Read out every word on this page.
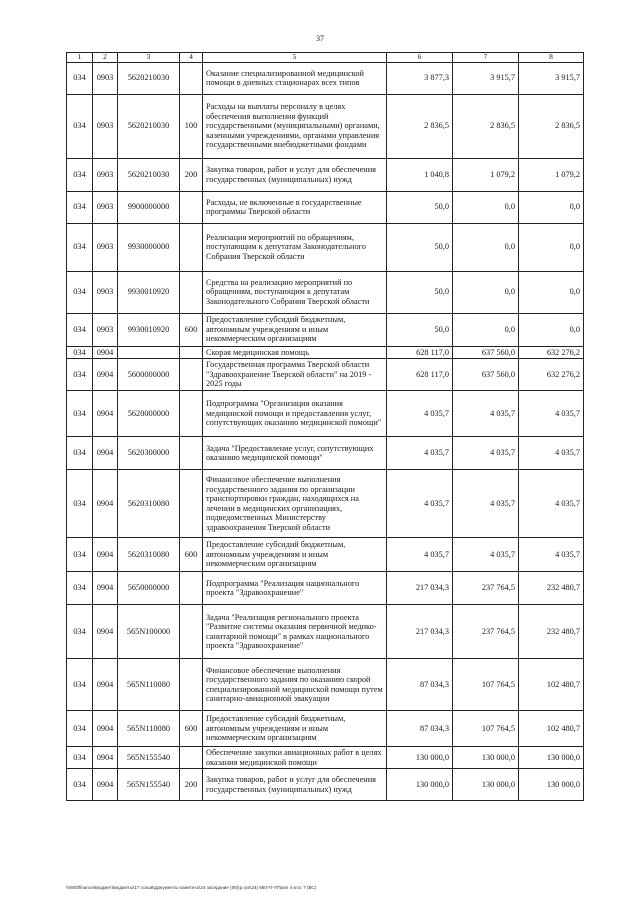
37
1	2	3	4	5	6	7	8
034	0903	5620210030		Оказание специализированной медицинской помощи в дневных стационарах всех типов	3 877,3	3 915,7	3 915,7
034	0903	5620210030	100	Расходы на выплаты персоналу в целях обеспечения выполнения функций государственными (муниципальными) органами, казенными учреждениями, органами управления государственными внебюджетными фондами	2 836,5	2 836,5	2 836,5
034	0903	5620210030	200	Закупка товаров, работ и услуг для обеспечения государственных (муниципальных) нужд	1 040,8	1 079,2	1 079,2
034	0903	9900000000		Расходы, не включенные в государственные программы Тверской области	50,0	0,0	0,0
034	0903	9930000000		Реализация мероприятий по обращениям, поступающим к депутатам Законодательного Собрания Тверской области	50,0	0,0	0,0
034	0903	9930010920		Средства на реализацию мероприятий по обращениям, поступающим к депутатам Законодательного Собрания Тверской области	50,0	0,0	0,0
034	0903	9930010920	600	Предоставление субсидий бюджетным, автономным учреждениям и иным некоммерческим организациям	50,0	0,0	0,0
034	0904			Скорая медицинская помощь	628 117,0	637 560,0	632 276,2
034	0904	5600000000		Государственная программа Тверской области "Здравоохранение Тверской области" на 2019 - 2025 годы	628 117,0	637 560,0	632 276,2
034	0904	5620000000		Подпрограмма "Организация оказания медицинской помощи и предоставления услуг, сопутствующих оказанию медицинской помощи"	4 035,7	4 035,7	4 035,7
034	0904	5620300000		Задача "Предоставление услуг, сопутствующих оказанию медицинской помощи"	4 035,7	4 035,7	4 035,7
034	0904	5620310080		Финансовое обеспечение выполнения государственного задания по организации транспортировки граждан, находящихся на лечении в медицинских организациях, подведомственных Министерству здравоохранения Тверской области	4 035,7	4 035,7	4 035,7
034	0904	5620310080	600	Предоставление субсидий бюджетным, автономным учреждениям и иным некоммерческим организациям	4 035,7	4 035,7	4 035,7
034	0904	5650000000		Подпрограмма "Реализация национального проекта "Здравоохранение"	217 034,3	237 764,5	232 480,7
034	0904	565N100000		Задача "Реализация регионального проекта "Развитие системы оказания первичной медико-санитарной помощи" в рамках национального проекта "Здравоохранение"	217 034,3	237 764,5	232 480,7
034	0904	565N110080		Финансовое обеспечение выполнения государственного задания по оказанию скорой специализированной медицинской помощи путем санитарно-авиационной эвакуации	87 034,3	107 764,5	102 480,7
034	0904	565N110080	600	Предоставление субсидий бюджетным, автономным учреждениям и иным некоммерческим организациям	87 034,3	107 764,5	102 480,7
034	0904	565N155540		Обеспечение закупки авиационных работ в целях оказания медицинской помощи	130 000,0	130 000,0	130 000,0
034	0904	565N155540	200	Закупка товаров, работ и услуг для обеспечения государственных (муниципальных) нужд	130 000,0	130 000,0	130 000,0
\\r600\finance\Бюджет\Бюджеты\17 созыв\Документы комитета\24 заседание (06)\р.грп\24) 660-П-7\Прил 4 кгос 7 (ВС)
